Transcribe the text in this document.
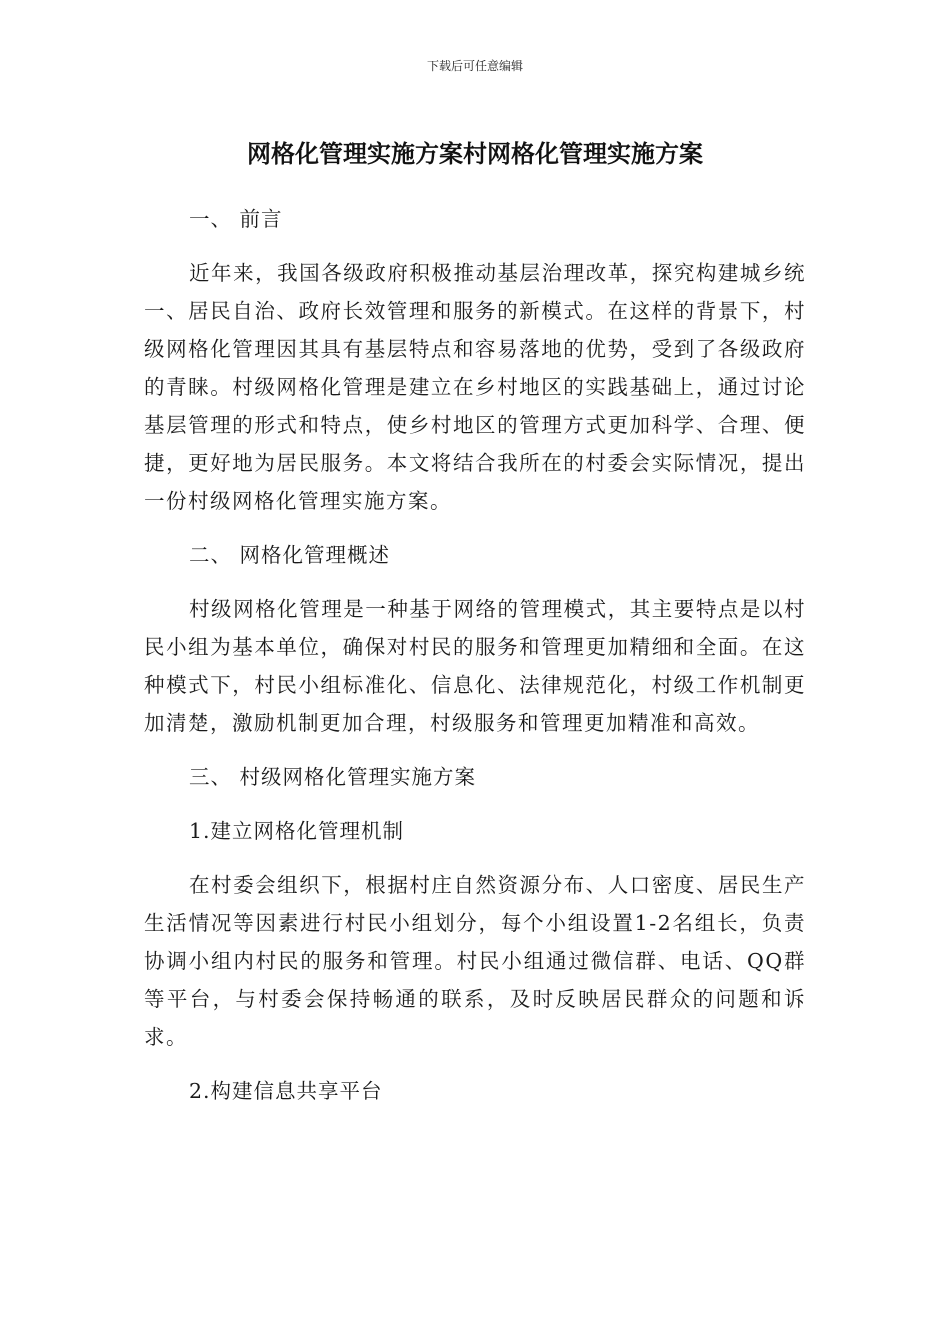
下载后可任意编辑
网格化管理实施方案村网格化管理实施方案

一、 前言

近年来，我国各级政府积极推动基层治理改革，探究构建城乡统一、居民自治、政府长效管理和服务的新模式。在这样的背景下，村级网格化管理因其具有基层特点和容易落地的优势，受到了各级政府的青睐。村级网格化管理是建立在乡村地区的实践基础上，通过讨论基层管理的形式和特点，使乡村地区的管理方式更加科学、合理、便捷，更好地为居民服务。本文将结合我所在的村委会实际情况，提出一份村级网格化管理实施方案。

二、 网格化管理概述

村级网格化管理是一种基于网络的管理模式，其主要特点是以村民小组为基本单位，确保对村民的服务和管理更加精细和全面。在这种模式下，村民小组标准化、信息化、法律规范化，村级工作机制更加清楚，激励机制更加合理，村级服务和管理更加精准和高效。

三、 村级网格化管理实施方案

1.建立网格化管理机制

在村委会组织下，根据村庄自然资源分布、人口密度、居民生产生活情况等因素进行村民小组划分，每个小组设置1-2名组长，负责协调小组内村民的服务和管理。村民小组通过微信群、电话、QQ群等平台，与村委会保持畅通的联系，及时反映居民群众的问题和诉求。

2.构建信息共享平台
